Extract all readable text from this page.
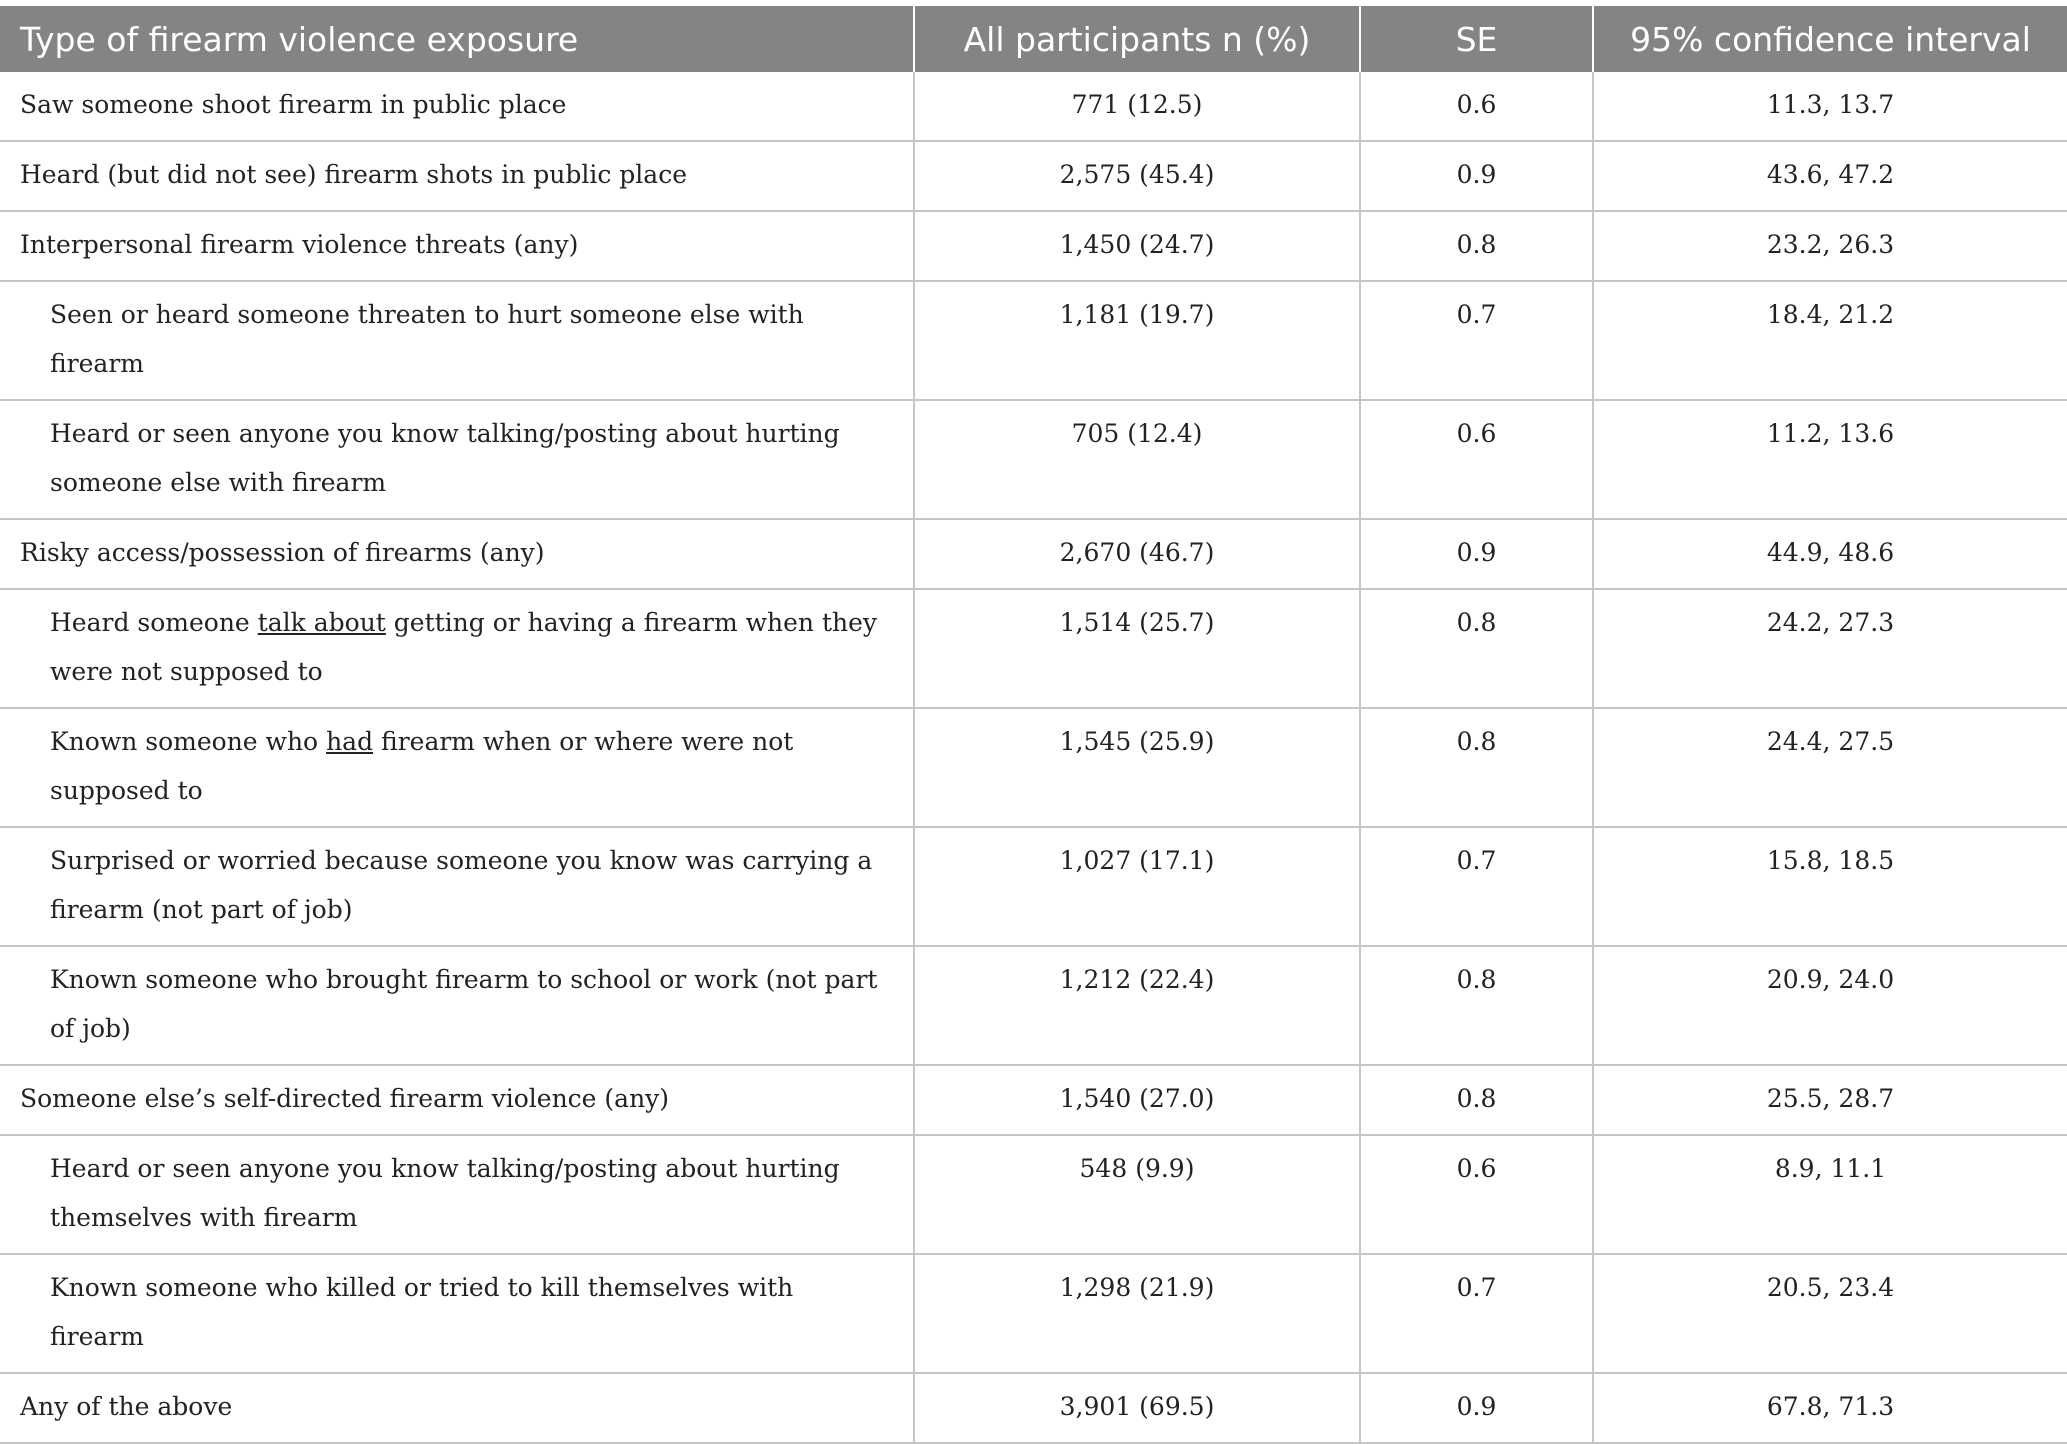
Type of firearm violence exposure	All participants n (%)	SE	95% confidence interval
Saw someone shoot firearm in public place	771 (12.5)	0.6	11.3, 13.7
Heard (but did not see) firearm shots in public place	2,575 (45.4)	0.9	43.6, 47.2
Interpersonal firearm violence threats (any)	1,450 (24.7)	0.8	23.2, 26.3
Seen or heard someone threaten to hurt someone else with firearm	1,181 (19.7)	0.7	18.4, 21.2
Heard or seen anyone you know talking/posting about hurting someone else with firearm	705 (12.4)	0.6	11.2, 13.6
Risky access/possession of firearms (any)	2,670 (46.7)	0.9	44.9, 48.6
Heard someone talk about getting or having a firearm when they were not supposed to	1,514 (25.7)	0.8	24.2, 27.3
Known someone who had firearm when or where were not supposed to	1,545 (25.9)	0.8	24.4, 27.5
Surprised or worried because someone you know was carrying a firearm (not part of job)	1,027 (17.1)	0.7	15.8, 18.5
Known someone who brought firearm to school or work (not part of job)	1,212 (22.4)	0.8	20.9, 24.0
Someone else’s self-directed firearm violence (any)	1,540 (27.0)	0.8	25.5, 28.7
Heard or seen anyone you know talking/posting about hurting themselves with firearm	548 (9.9)	0.6	8.9, 11.1
Known someone who killed or tried to kill themselves with firearm	1,298 (21.9)	0.7	20.5, 23.4
Any of the above	3,901 (69.5)	0.9	67.8, 71.3
